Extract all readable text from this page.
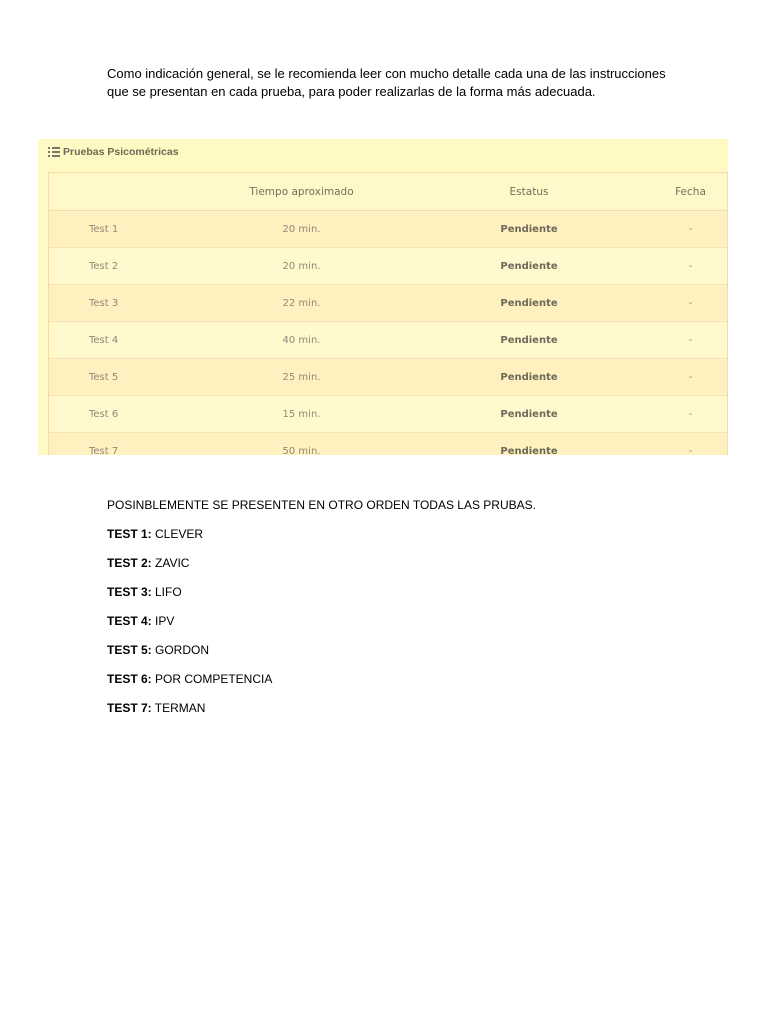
Como indicación general, se le recomienda leer con mucho detalle cada una de las instrucciones
que se presentan en cada prueba, para poder realizarlas de la forma más adecuada.

Pruebas Psicométricas
	Tiempo aproximado	Estatus	Fecha
Test 1	20 min.	Pendiente	-
Test 2	20 min.	Pendiente	-
Test 3	22 min.	Pendiente	-
Test 4	40 min.	Pendiente	-
Test 5	25 min.	Pendiente	-
Test 6	15 min.	Pendiente	-
Test 7	50 min.	Pendiente	-
POSINBLEMENTE SE PRESENTEN EN OTRO ORDEN TODAS LAS PRUBAS.
TEST 1: CLEVER
TEST 2: ZAVIC
TEST 3: LIFO
TEST 4: IPV
TEST 5: GORDON
TEST 6: POR COMPETENCIA
TEST 7: TERMAN
